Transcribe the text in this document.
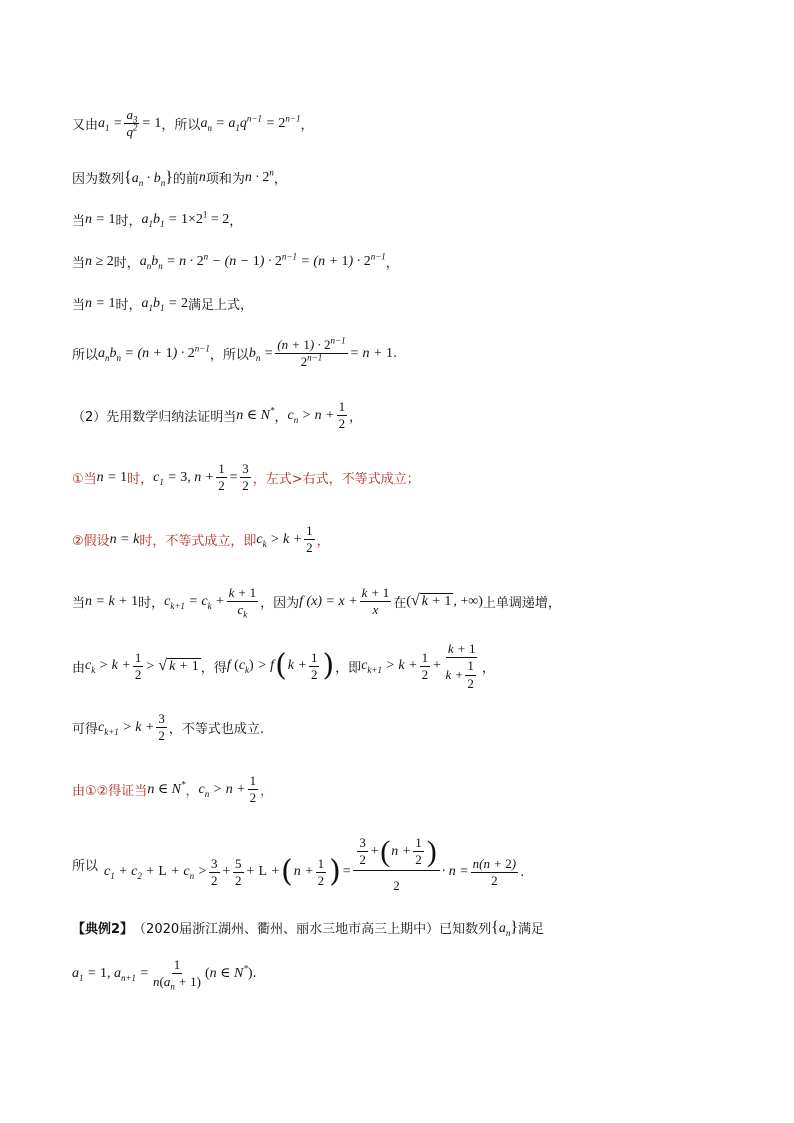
又由 $a_1 = \frac{a_3}{q^2} = 1$ ，所以 $a_n = a_1q^{n-1} = 2^{n-1}$
，
因为数列 $\{a_n \cdot b_n\}$ 的前 n 项和为 $n \cdot 2^n$
，
当 n = 1 时， $a_1b_1 = 1\times 2^1 = 2$ ，
当 n ≥ 2 时， $a_nb_n = n \cdot 2^n - (n - 1) \cdot 2^{n-1} = (n + 1) \cdot 2^{n-1}$
，
当 n = 1 时， $a_1b_1 = 2$ 满足上式，
所以 $a_nb_n = (n + 1) \cdot 2^{n-1}$
，所以 $b_n = \frac{(n + 1) \cdot 2^{n-1}}{2^{n-1}} = n + 1$ .
（2）先用数学归纳法证明当 n ∈ N* ， $c_n > n + \frac{1}{2}$ ，
①当 n = 1 时， $c_1 = 3$, $n + \frac{1}{2} = \frac{3}{2}$ ，左式>右式，不等式成立；
②假设 n = k 时，不等式成立，即 $c_k > k + \frac{1}{2}$ ，
当 n = k + 1 时， $c_{k+1} = c_k + \frac{k + 1}{c_k}$ ，因为 f $(x) = x + \frac{k + 1}{x}$ 在 ( √ k + 1 , +∞) 上单调递增，
由 $c_k > k + \frac{1}{2}$ > √ k + 1 ，得 f $(c_k) > f$ ( $k + \frac{1}{2}$ ) ，即 $c_{k+1} > k + \frac{1}{2} + \frac{k + 1}{k + \frac{1}{2}}$ ，
可得 $c_{k+1} > k + \frac{3}{2}$ ，不等式也成立.
由①②得证当 n ∈ N* ， $c_n > n + \frac{1}{2}$ ，
所以 $c_1 + c_2 + L + c_n > \frac{3}{2} + \frac{5}{2} + L$ + ( $n + \frac{1}{2}$ ) = $\frac{\frac{3}{2} + ( n + \frac{1}{2} )}{2} \cdot n = \frac{n(n + 2)}{2}$ .
【典例2】 （2020届浙江湖州、衢州、丽水三地市高三上期中）已知数列 $\{a_n\}$ 满足
$a_1 = 1$, $a_{n+1} = \frac{1}{n(a_n + 1)} (n$ ∈ N*) .
